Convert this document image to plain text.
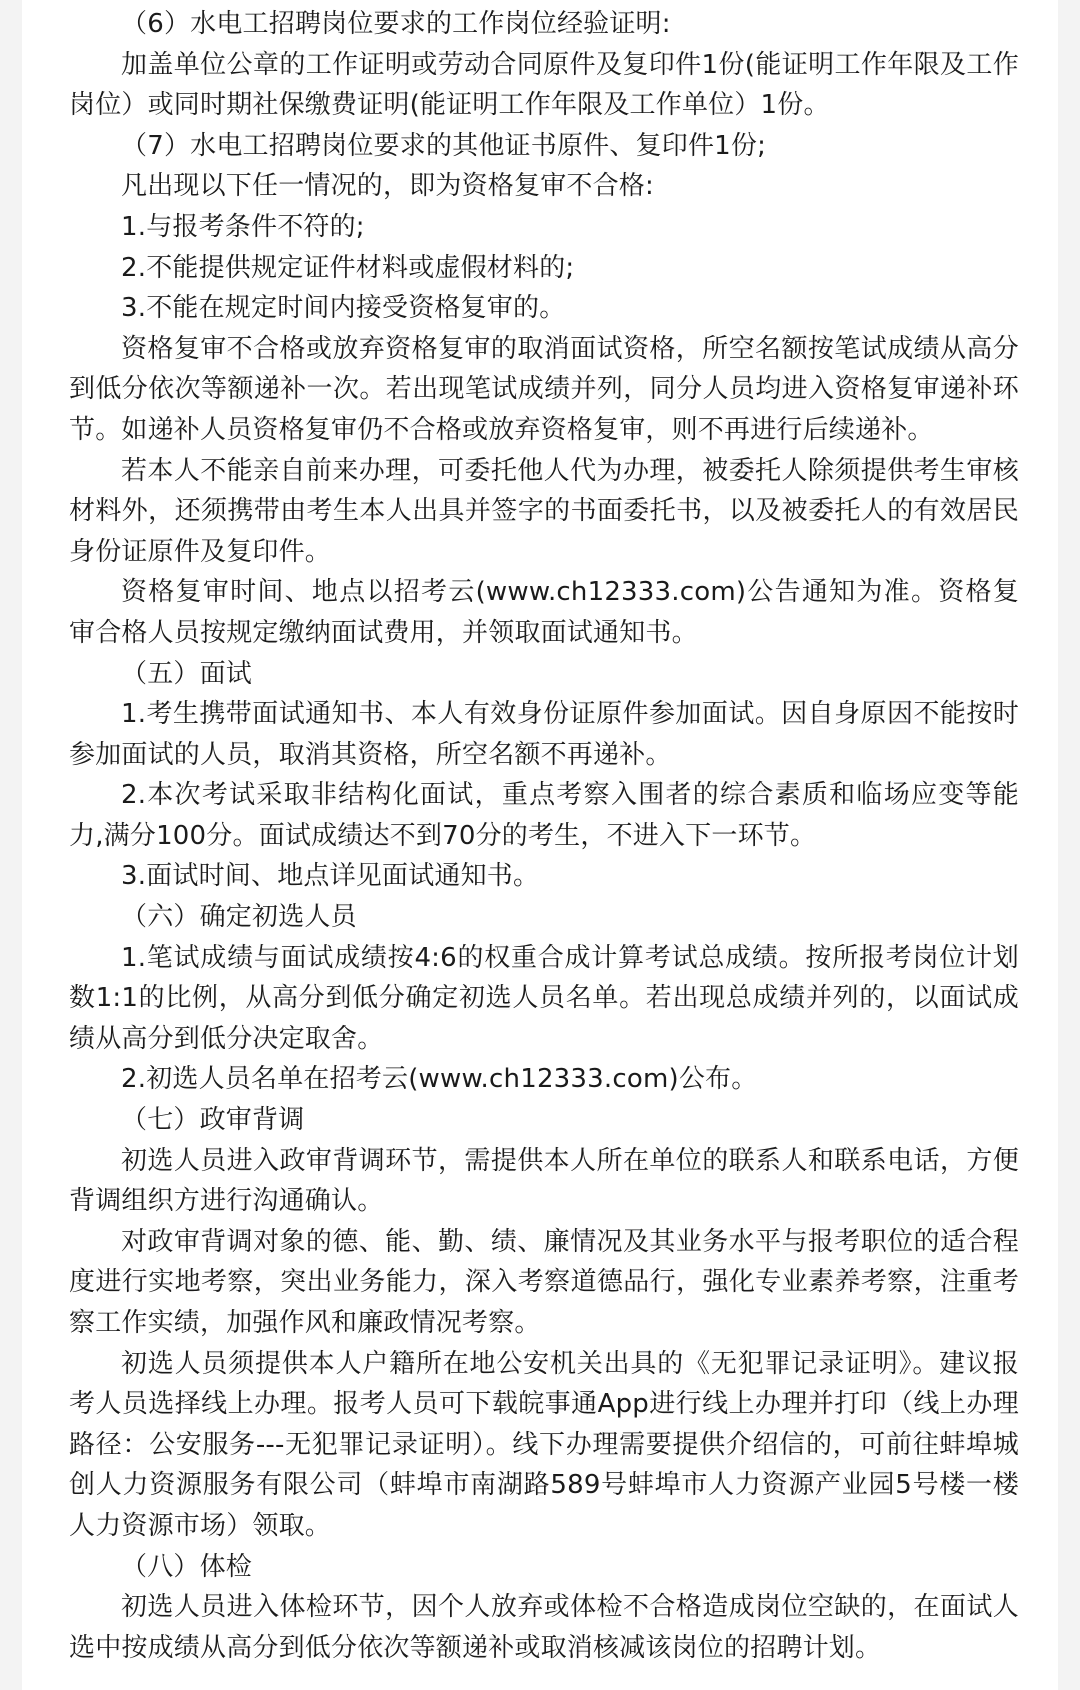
（6）水电工招聘岗位要求的工作岗位经验证明:

加盖单位公章的工作证明或劳动合同原件及复印件1份(能证明工作年限及工作岗位）或同时期社保缴费证明(能证明工作年限及工作单位）1份。

（7）水电工招聘岗位要求的其他证书原件、复印件1份;

凡出现以下任一情况的，即为资格复审不合格:

1.与报考条件不符的;

2.不能提供规定证件材料或虚假材料的;

3.不能在规定时间内接受资格复审的。

资格复审不合格或放弃资格复审的取消面试资格，所空名额按笔试成绩从高分到低分依次等额递补一次。若出现笔试成绩并列，同分人员均进入资格复审递补环节。如递补人员资格复审仍不合格或放弃资格复审，则不再进行后续递补。

若本人不能亲自前来办理，可委托他人代为办理，被委托人除须提供考生审核材料外，还须携带由考生本人出具并签字的书面委托书，以及被委托人的有效居民身份证原件及复印件。

资格复审时间、地点以招考云(www.ch12333.com)公告通知为准。资格复审合格人员按规定缴纳面试费用，并领取面试通知书。

（五）面试

1.考生携带面试通知书、本人有效身份证原件参加面试。因自身原因不能按时参加面试的人员，取消其资格，所空名额不再递补。

2.本次考试采取非结构化面试，重点考察入围者的综合素质和临场应变等能力,满分100分。面试成绩达不到70分的考生，不进入下一环节。

3.面试时间、地点详见面试通知书。

（六）确定初选人员

1.笔试成绩与面试成绩按4:6的权重合成计算考试总成绩。按所报考岗位计划数1:1的比例，从高分到低分确定初选人员名单。若出现总成绩并列的，以面试成绩从高分到低分决定取舍。

2.初选人员名单在招考云(www.ch12333.com)公布。

（七）政审背调

初选人员进入政审背调环节，需提供本人所在单位的联系人和联系电话，方便背调组织方进行沟通确认。

对政审背调对象的德、能、勤、绩、廉情况及其业务水平与报考职位的适合程度进行实地考察，突出业务能力，深入考察道德品行，强化专业素养考察，注重考察工作实绩，加强作风和廉政情况考察。

初选人员须提供本人户籍所在地公安机关出具的《无犯罪记录证明》。建议报考人员选择线上办理。报考人员可下载皖事通App进行线上办理并打印（线上办理路径：公安服务---无犯罪记录证明）。线下办理需要提供介绍信的，可前往蚌埠城创人力资源服务有限公司（蚌埠市南湖路589号蚌埠市人力资源产业园5号楼一楼人力资源市场）领取。

（八）体检

初选人员进入体检环节，因个人放弃或体检不合格造成岗位空缺的，在面试人选中按成绩从高分到低分依次等额递补或取消核减该岗位的招聘计划。
